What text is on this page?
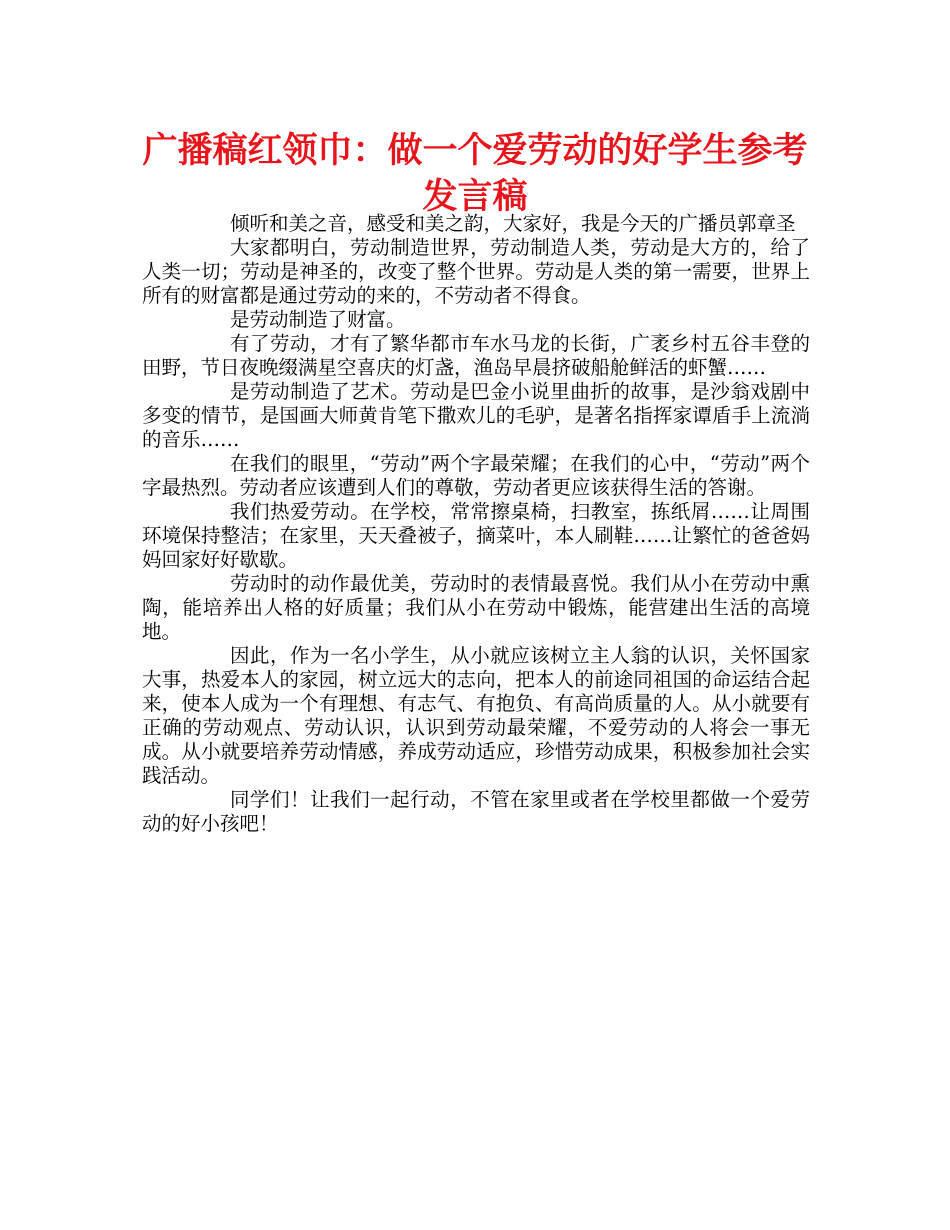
广播稿红领巾：做一个爱劳动的好学生参考发言稿

倾听和美之音，感受和美之韵，大家好，我是今天的广播员郭章圣

大家都明白，劳动制造世界，劳动制造人类，劳动是大方的，给了人类一切；劳动是神圣的，改变了整个世界。劳动是人类的第一需要，世界上所有的财富都是通过劳动的来的，不劳动者不得食。

是劳动制造了财富。

有了劳动，才有了繁华都市车水马龙的长街，广袤乡村五谷丰登的田野，节日夜晚缀满星空喜庆的灯盏，渔岛早晨挤破船舱鲜活的虾蟹……

是劳动制造了艺术。劳动是巴金小说里曲折的故事，是沙翁戏剧中多变的情节，是国画大师黄肯笔下撒欢儿的毛驴，是著名指挥家谭盾手上流淌的音乐……

在我们的眼里，“劳动”两个字最荣耀；在我们的心中，“劳动”两个字最热烈。劳动者应该遭到人们的尊敬，劳动者更应该获得生活的答谢。

我们热爱劳动。在学校，常常擦桌椅，扫教室，拣纸屑……让周围环境保持整洁；在家里，天天叠被子，摘菜叶，本人刷鞋……让繁忙的爸爸妈妈回家好好歇歇。

劳动时的动作最优美，劳动时的表情最喜悦。我们从小在劳动中熏陶，能培养出人格的好质量；我们从小在劳动中锻炼，能营建出生活的高境地。

因此，作为一名小学生，从小就应该树立主人翁的认识，关怀国家大事，热爱本人的家园，树立远大的志向，把本人的前途同祖国的命运结合起来，使本人成为一个有理想、有志气、有抱负、有高尚质量的人。从小就要有正确的劳动观点、劳动认识，认识到劳动最荣耀，不爱劳动的人将会一事无成。从小就要培养劳动情感，养成劳动适应，珍惜劳动成果，积极参加社会实践活动。

同学们！让我们一起行动，不管在家里或者在学校里都做一个爱劳动的好小孩吧！
